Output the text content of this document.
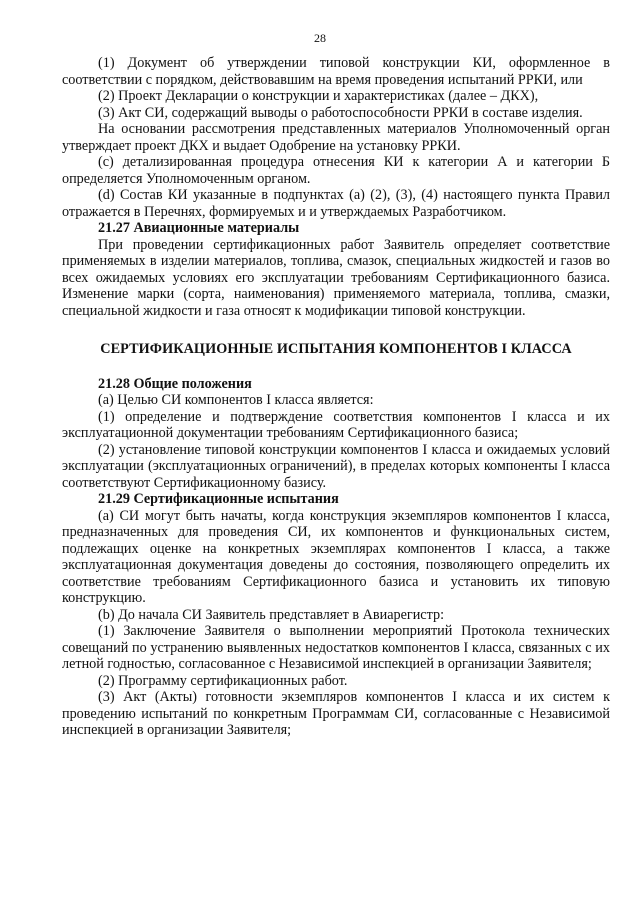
28

(1) Документ об утверждении типовой конструкции КИ, оформленное в соответствии с порядком, действовавшим на время проведения испытаний РРКИ, или

(2) Проект Декларации о конструкции и характеристиках (далее – ДКХ),

(3) Акт СИ, содержащий выводы о работоспособности РРКИ в составе изделия.

На основании рассмотрения представленных материалов Уполномоченный орган утверждает проект ДКХ и выдает Одобрение на установку РРКИ.

(с) детализированная процедура отнесения КИ к категории А и категории Б определяется Уполномоченным органом.

(d) Состав КИ указанные в подпунктах (а) (2), (3), (4) настоящего пункта Правил отражается в Перечнях, формируемых и и утверждаемых Разработчиком.

21.27 Авиационные материалы

При проведении сертификационных работ Заявитель определяет соответствие применяемых в изделии материалов, топлива, смазок, специальных жидкостей и газов во всех ожидаемых условиях его эксплуатации требованиям Сертификационного базиса. Изменение марки (сорта, наименования) применяемого материала, топлива, смазки, специальной жидкости и газа относят к модификации типовой конструкции.

СЕРТИФИКАЦИОННЫЕ ИСПЫТАНИЯ КОМПОНЕНТОВ I КЛАССА

21.28 Общие положения

(а) Целью СИ компонентов I класса является:

(1) определение и подтверждение соответствия компонентов I класса и их эксплуатационной документации требованиям Сертификационного базиса;

(2) установление типовой конструкции компонентов I класса и ожидаемых условий эксплуатации (эксплуатационных ограничений), в пределах которых компоненты I класса соответствуют Сертификационному базису.

21.29 Сертификационные испытания

(а) СИ могут быть начаты, когда конструкция экземпляров компонентов I класса, предназначенных для проведения СИ, их компонентов и функциональных систем, подлежащих оценке на конкретных экземплярах компонентов I класса, а также эксплуатационная документация доведены до состояния, позволяющего определить их соответствие требованиям Сертификационного базиса и установить их типовую конструкцию.

(b) До начала СИ Заявитель представляет в Авиарегистр:

(1) Заключение Заявителя о выполнении мероприятий Протокола технических совещаний по устранению выявленных недостатков компонентов I класса, связанных с их летной годностью, согласованное с Независимой инспекцией в организации Заявителя;

(2) Программу сертификационных работ.

(3) Акт (Акты) готовности экземпляров компонентов I класса и их систем к проведению испытаний по конкретным Программам СИ, согласованные с Независимой инспекцией в организации Заявителя;
